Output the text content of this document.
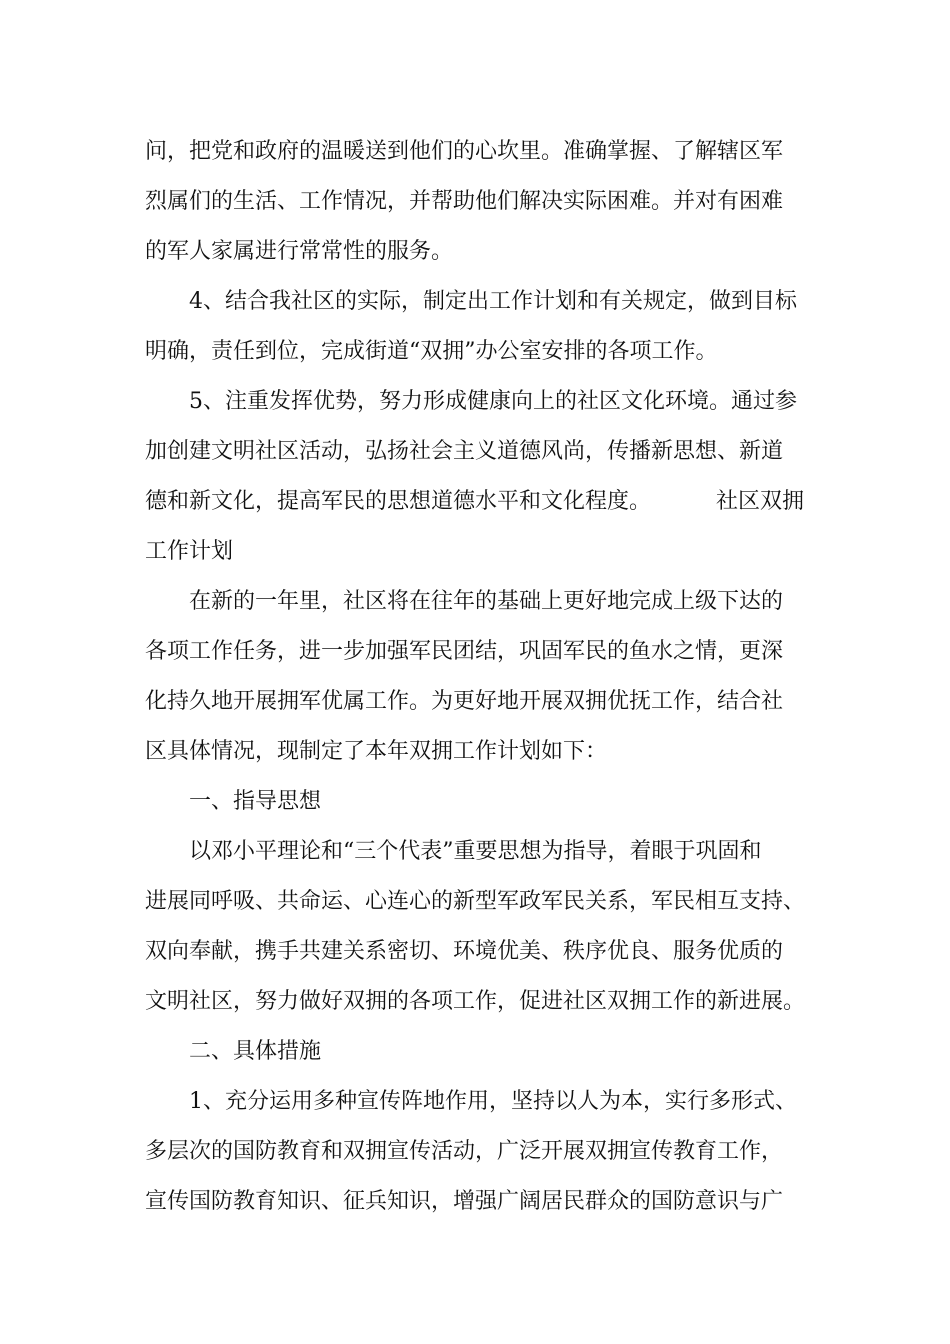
问，把党和政府的温暖送到他们的心坎里。准确掌握、了解辖区军
烈属们的生活、工作情况，并帮助他们解决实际困难。并对有困难
的军人家属进行常常性的服务。
4、结合我社区的实际，制定出工作计划和有关规定，做到目标
明确，责任到位，完成街道“双拥”办公室安排的各项工作。
5、注重发挥优势，努力形成健康向上的社区文化环境。通过参
加创建文明社区活动，弘扬社会主义道德风尚，传播新思想、新道

德和新文化，提高军民的思想道德水平和文化程度。

	社区双拥

工作计划
在新的一年里，社区将在往年的基础上更好地完成上级下达的
各项工作任务，进一步加强军民团结，巩固军民的鱼水之情，更深
化持久地开展拥军优属工作。为更好地开展双拥优抚工作，结合社
区具体情况，现制定了本年双拥工作计划如下：
一、指导思想
以邓小平理论和“三个代表”重要思想为指导，着眼于巩固和
进展同呼吸、共命运、心连心的新型军政军民关系，军民相互支持、
双向奉献，携手共建关系密切、环境优美、秩序优良、服务优质的
文明社区，努力做好双拥的各项工作，促进社区双拥工作的新进展。
二、具体措施
1、充分运用多种宣传阵地作用，坚持以人为本，实行多形式、
多层次的国防教育和双拥宣传活动，广泛开展双拥宣传教育工作，
宣传国防教育知识、征兵知识，增强广阔居民群众的国防意识与广
